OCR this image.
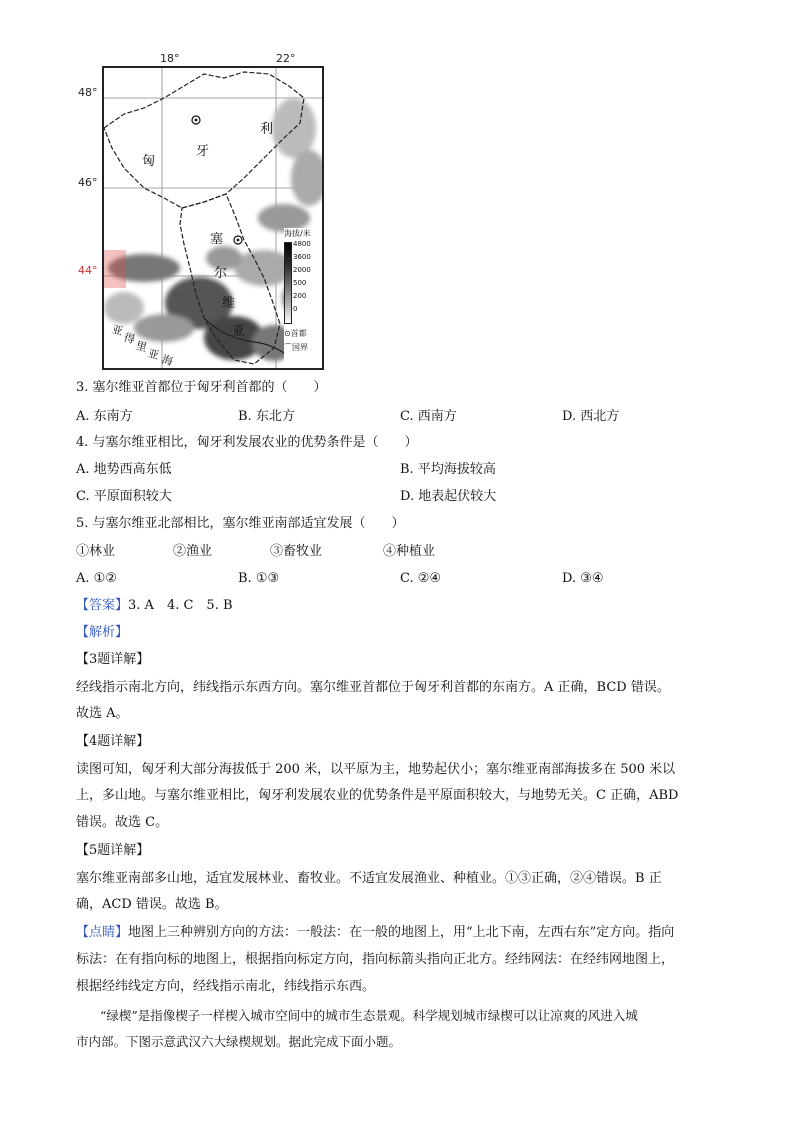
18°	22°
48°
46°
44°
匈
牙
利
塞
尔
维
亚
亚
得
里
亚 海
海拔/米
4800
3600
2000
500
200
0
⊙首都
⌒国界
3. 塞尔维亚首都位于匈牙利首都的（　　）
A. 东南方	B. 东北方	C. 西南方	D. 西北方
4. 与塞尔维亚相比，匈牙利发展农业的优势条件是（　　）
A. 地势西高东低	B. 平均海拔较高
C. 平原面积较大	D. 地表起伏较大
5. 与塞尔维亚北部相比，塞尔维亚南部适宜发展（　　）
①林业	②渔业	③畜牧业	④种植业
A. ①②	B. ①③	C. ②④	D. ③④
【答案】3. A　4. C　5. B
【解析】
【3题详解】
经线指示南北方向，纬线指示东西方向。塞尔维亚首都位于匈牙利首都的东南方。A 正确，BCD 错误。
故选 A。
【4题详解】
读图可知，匈牙利大部分海拔低于 200 米，以平原为主，地势起伏小；塞尔维亚南部海拔多在 500 米以
上，多山地。与塞尔维亚相比，匈牙利发展农业的优势条件是平原面积较大，与地势无关。C 正确，ABD
错误。故选 C。
【5题详解】
塞尔维亚南部多山地，适宜发展林业、畜牧业。不适宜发展渔业、种植业。①③正确，②④错误。B 正
确，ACD 错误。故选 B。
【点睛】地图上三种辨别方向的方法：一般法：在一般的地图上，用“上北下南，左西右东”定方向。指向
标法：在有指向标的地图上，根据指向标定方向，指向标箭头指向正北方。经纬网法：在经纬网地图上，
根据经纬线定方向，经线指示南北，纬线指示东西。
“绿楔”是指像楔子一样楔入城市空间中的城市生态景观。科学规划城市绿楔可以让凉爽的风进入城
市内部。下图示意武汉六大绿楔规划。据此完成下面小题。
